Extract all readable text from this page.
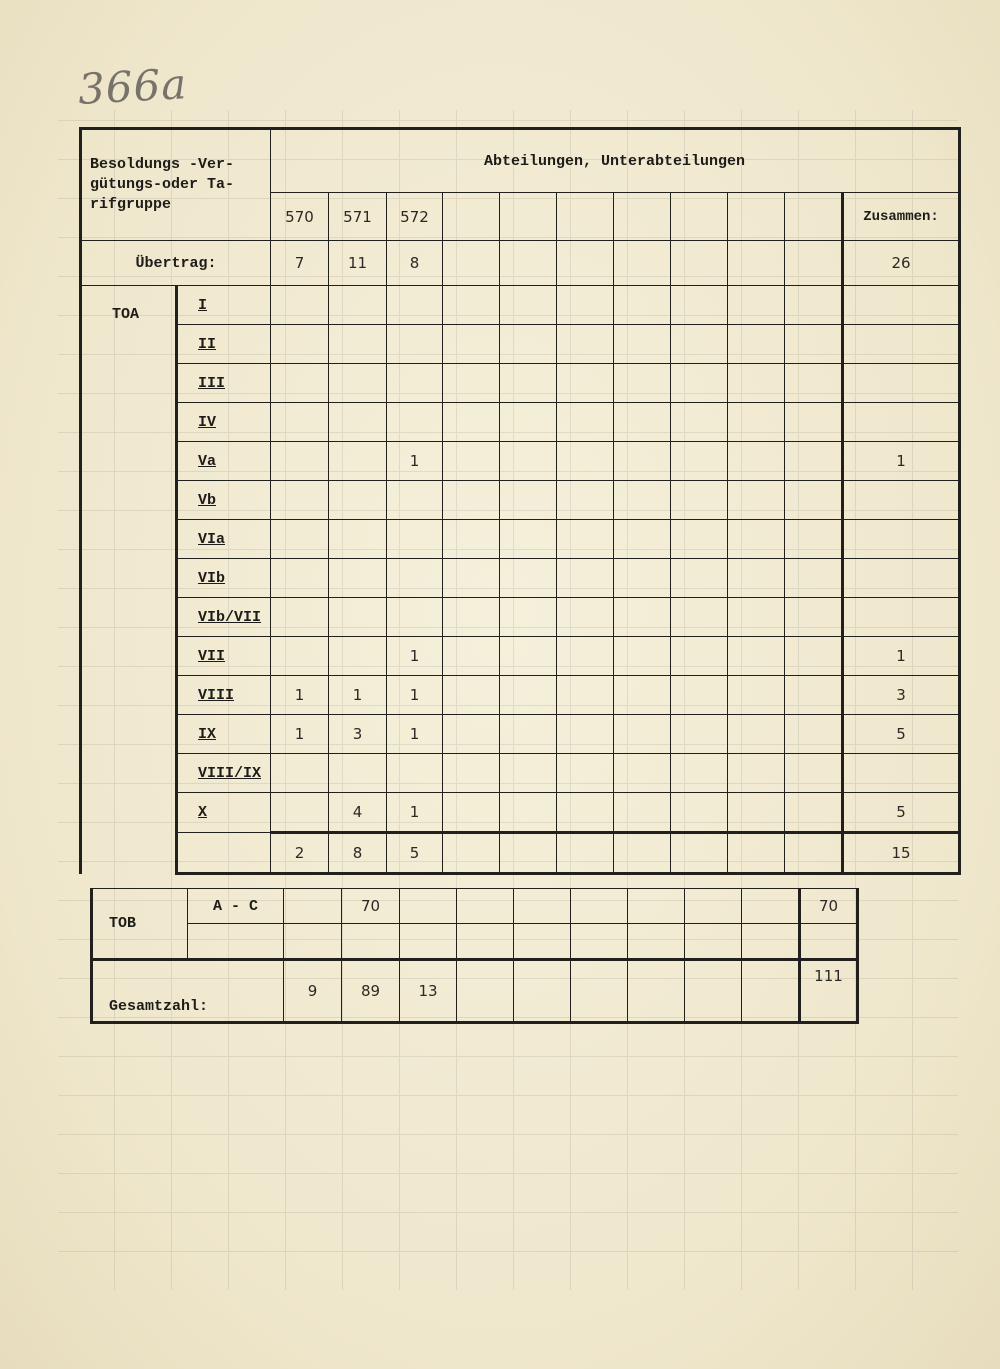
366a
Besoldungs -Ver-
gütungs-oder Ta-
rifgruppe		Abteilungen, Unterabteilungen										
		570	571	572								Zusammen:
Übertrag:		7	11	8								26
TOA	I											
	II											
	III											
	IV											
	Va			1								1
	Vb											
	VIa											
	VIb											
	VIb/VII											
	VII			1								1
	VIII	1	1	1								3
	IX	1	3	1								5
	VIII/IX											
	X		4	1								5
		2	8	5								15
TOB	A - C		70								70

Gesamtzahl:		9	89	13							111
